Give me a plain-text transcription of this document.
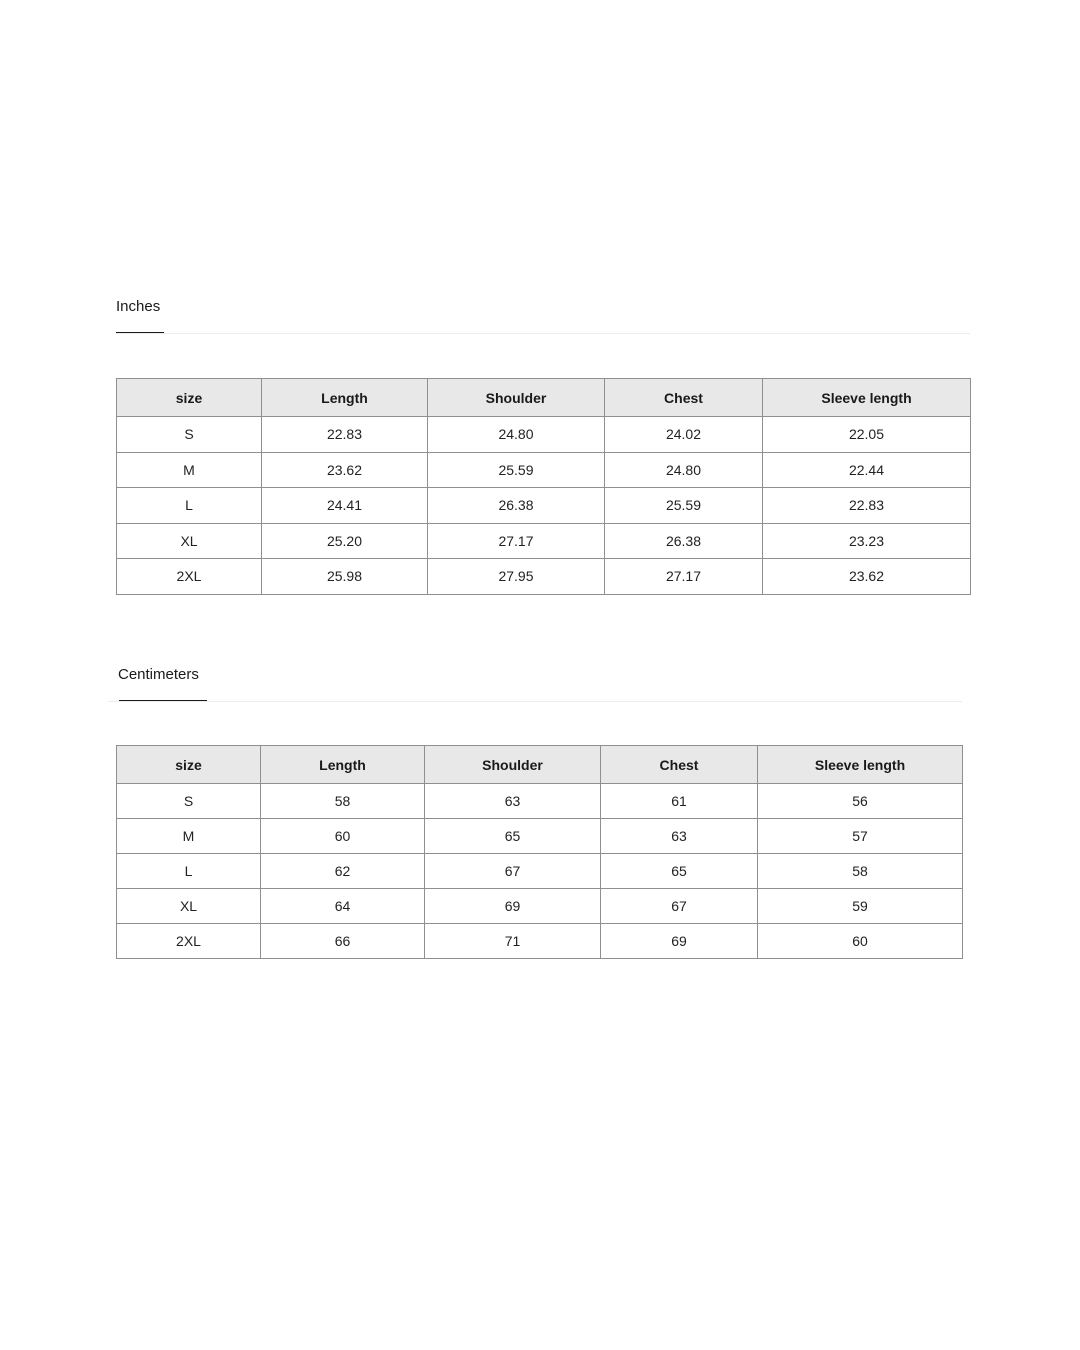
Inches
size	Length	Shoulder	Chest	Sleeve length
S	22.83	24.80	24.02	22.05
M	23.62	25.59	24.80	22.44
L	24.41	26.38	25.59	22.83
XL	25.20	27.17	26.38	23.23
2XL	25.98	27.95	27.17	23.62
Centimeters
size	Length	Shoulder	Chest	Sleeve length
S	58	63	61	56
M	60	65	63	57
L	62	67	65	58
XL	64	69	67	59
2XL	66	71	69	60
